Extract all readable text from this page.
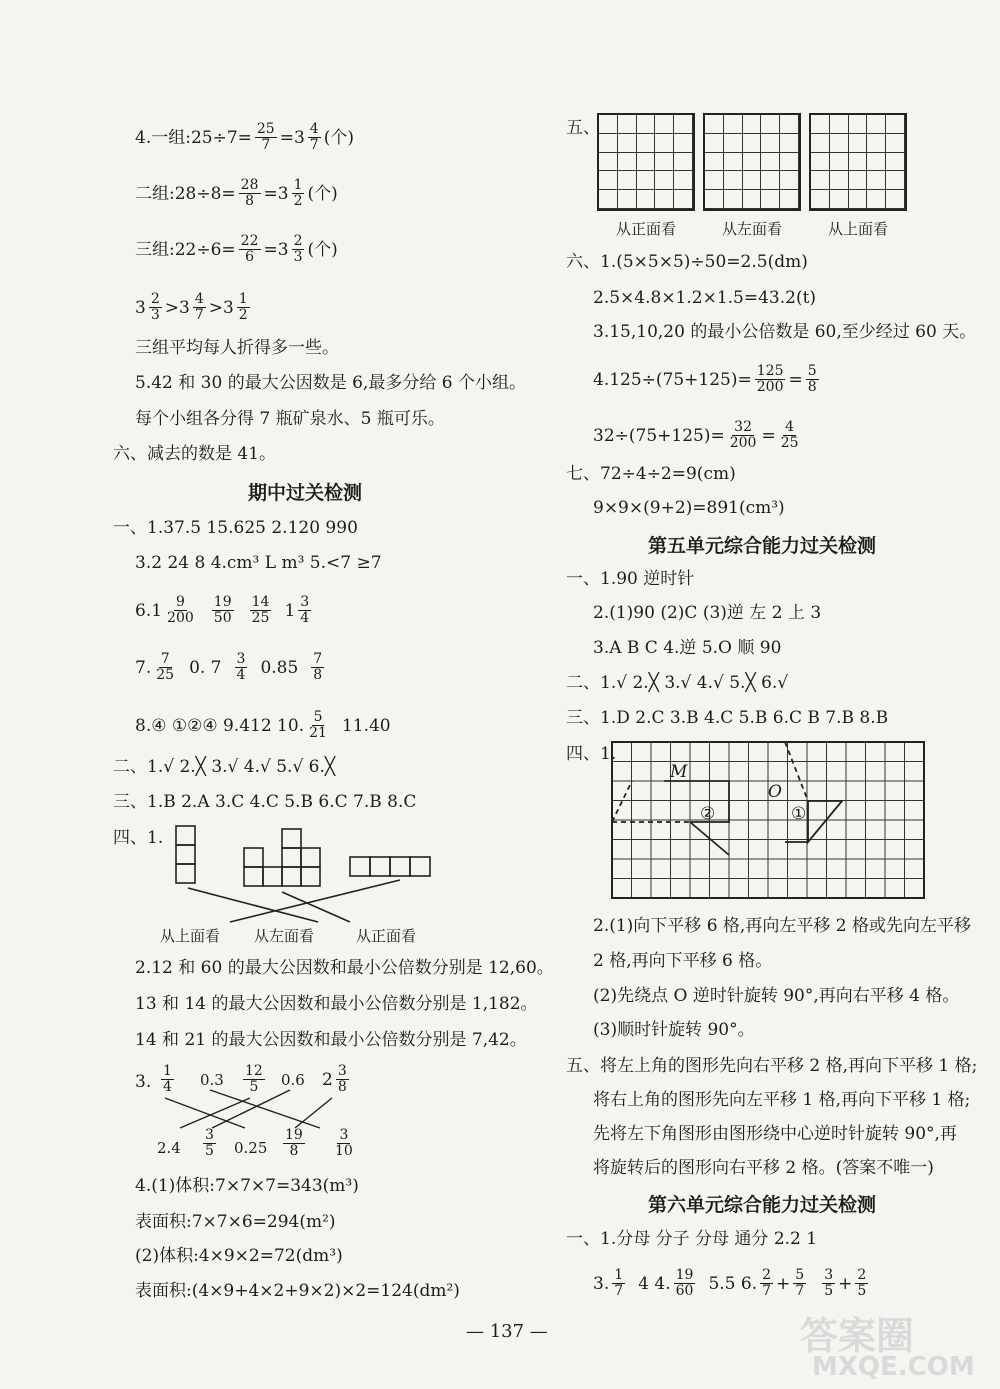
4.一组:25÷7= $\frac{25}{7} =3 \frac{4}{7}$ (个)
二组:28÷8= $\frac{28}{8} =3 \frac{1}{2}$ (个)
三组:22÷6= $\frac{22}{6} =3 \frac{2}{3}$ (个)
$3 \frac{2}{3} >3 \frac{4}{7} >3 \frac{1}{2}$
三组平均每人折得多一些。
5.42 和 30 的最大公因数是 6,最多分给 6 个小组。
每个小组各分得 7 瓶矿泉水、5 瓶可乐。
六、减去的数是 41。
期中过关检测
一、1.37.5 15.625 2.120 990
3.2 24 8 4.cm³ L m³ 5.<7 ≥7
$6.1 \frac{9}{200} \frac{19}{50} \frac{14}{25} 1 \frac{3}{4}$
7. $\frac{7}{25} 0$. $7 \frac{3}{4} 0.85 \frac{7}{8}$
8.④ ①②④ 9.412 10. $\frac{5}{21} 11.40$
二、1.√ 2.╳ 3.√ 4.√ 5.√ 6.╳
三、1.B 2.A 3.C 4.C 5.B 6.C 7.B 8.C
四、1.
从上面看 从左面看	从正面看
2.12 和 60 的最大公因数和最小公倍数分别是 12,60。
13 和 14 的最大公因数和最小公倍数分别是 1,182。
14 和 21 的最大公因数和最小公倍数分别是 7,42。
3. $\frac{1}{4} 0.3 \frac{12}{5} 0.6$ $2 \frac{3}{8}$
$2.4 \frac{3}{5} 0.25 \frac{19}{8} \frac{3}{10}$
4.(1)体积:7×7×7=343(m³)
表面积:7×7×6=294(m²)
(2)体积:4×9×2=72(dm³)
表面积:(4×9+4×2+9×2)×2=124(dm²)
五、
从正面看	从左面看	从上面看
六、1.(5×5×5)÷50=2.5(dm)
2.5×4.8×1.2×1.5=43.2(t)
3.15,10,20 的最小公倍数是 60,至少经过 60 天。
$4.125\div(75+125)= \frac{125}{200} = \frac{5}{8}$
$32\div(75+125)= \frac{32}{200} = \frac{4}{25}$
七、72÷4÷2=9(cm)
9×9×(9+2)=891(cm³)
第五单元综合能力过关检测
一、1.90 逆时针
2.(1)90 (2)C (3)逆 左 2 上 3
3.A B C 4.逆 5.O 顺 90
二、1.√ 2.╳ 3.√ 4.√ 5.╳ 6.√
三、1.D 2.C 3.B 4.C 5.B 6.C B 7.B 8.B
四、1.
M
O
②	①
2.(1)向下平移 6 格,再向左平移 2 格或先向左平移
2 格,再向下平移 6 格。
(2)先绕点 O 逆时针旋转 90°,再向右平移 4 格。
(3)顺时针旋转 90°。
五、将左上角的图形先向右平移 2 格,再向下平移 1 格;
将右上角的图形先向左平移 1 格,再向下平移 1 格;
先将左下角图形由图形绕中心逆时针旋转 90°,再
将旋转后的图形向右平移 2 格。(答案不唯一)
第六单元综合能力过关检测
一、1.分母 分子 分母 通分 2.2 1
3. $\frac{1}{7} 4$ 4. $\frac{19}{60} 5.5$ 6. $\frac{2}{7} + \frac{5}{7} \frac{3}{5} + \frac{2}{5}$
— 137 —	答案圈
MXQE.COM
